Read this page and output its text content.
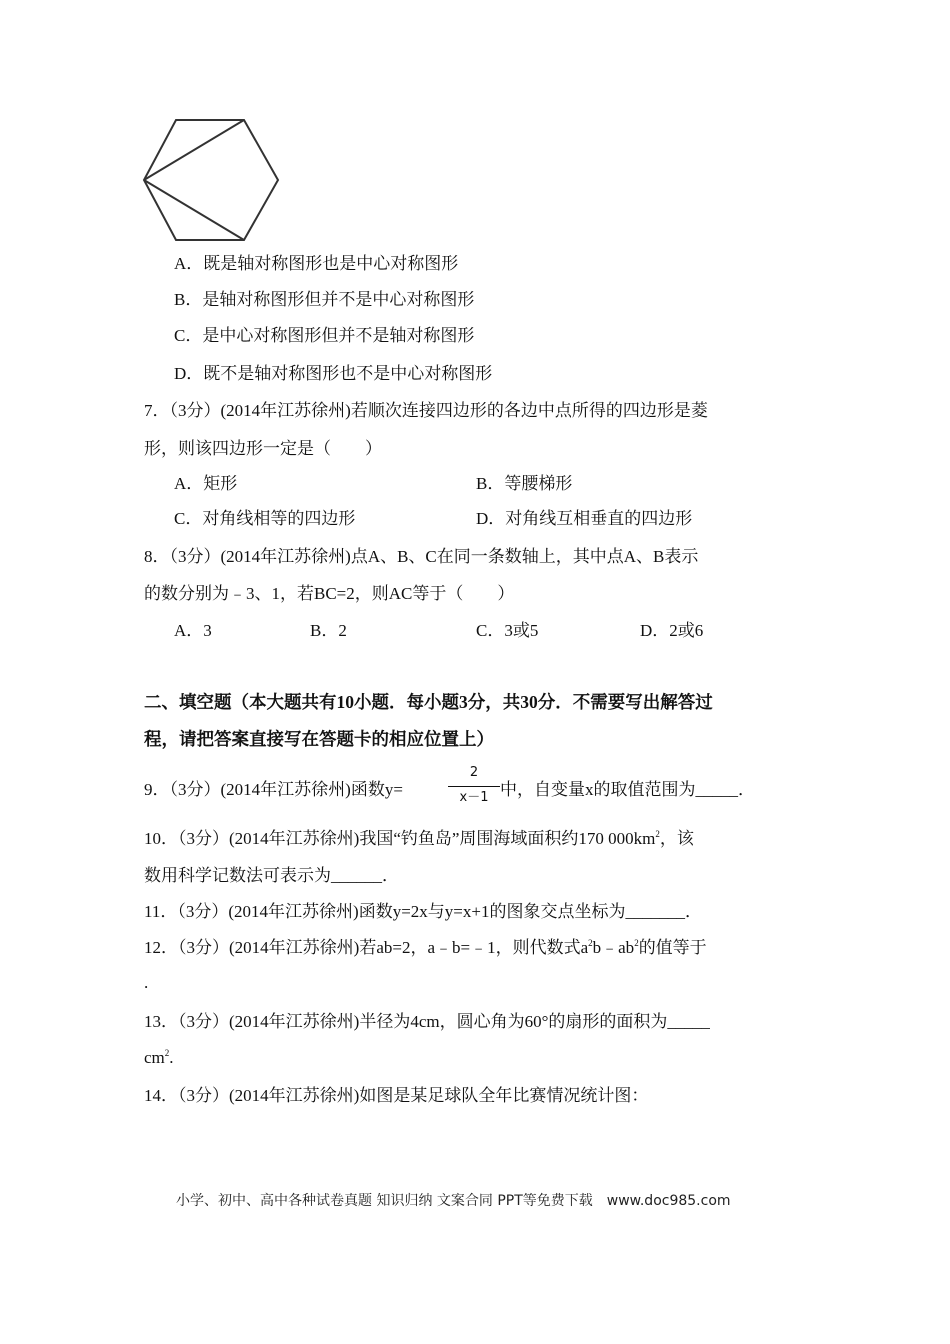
A．既是轴对称图形也是中心对称图形
B．是轴对称图形但并不是中心对称图形
C．是中心对称图形但并不是轴对称图形
D．既不是轴对称图形也不是中心对称图形
7．（3分）(2014年江苏徐州)若顺次连接四边形的各边中点所得的四边形是菱
形，则该四边形一定是（　　）
A．矩形	B．等腰梯形
C．对角线相等的四边形	D．对角线互相垂直的四边形
8．（3分）(2014年江苏徐州)点A、B、C在同一条数轴上，其中点A、B表示
的数分别为﹣3、1，若BC=2，则AC等于（　　）
A．3	B．2	C．3或5	D．2或6
二、填空题（本大题共有10小题．每小题3分，共30分．不需要写出解答过
程，请把答案直接写在答题卡的相应位置上）
9．（3分）(2014年江苏徐州)函数y=
2
x－1 中，自变量x的取值范围为_____．
10．（3分）(2014年江苏徐州)我国“钓鱼岛”周围海域面积约170 $000km^2$，该
数用科学记数法可表示为______．
11．（3分）(2014年江苏徐州)函数y=2x与y=x+1的图象交点坐标为_______．
12．（3分）(2014年江苏徐州)若ab=2，a﹣b=﹣1，则代数式$a^2b﹣ab^2$的值等于
.
13．（3分）(2014年江苏徐州)半径为4cm，圆心角为60°的扇形的面积为_____
$cm^2$.
14．（3分）(2014年江苏徐州)如图是某足球队全年比赛情况统计图：
小学、初中、高中各种试卷真题 知识归纳 文案合同 PPT等免费下载　www.doc985.com
